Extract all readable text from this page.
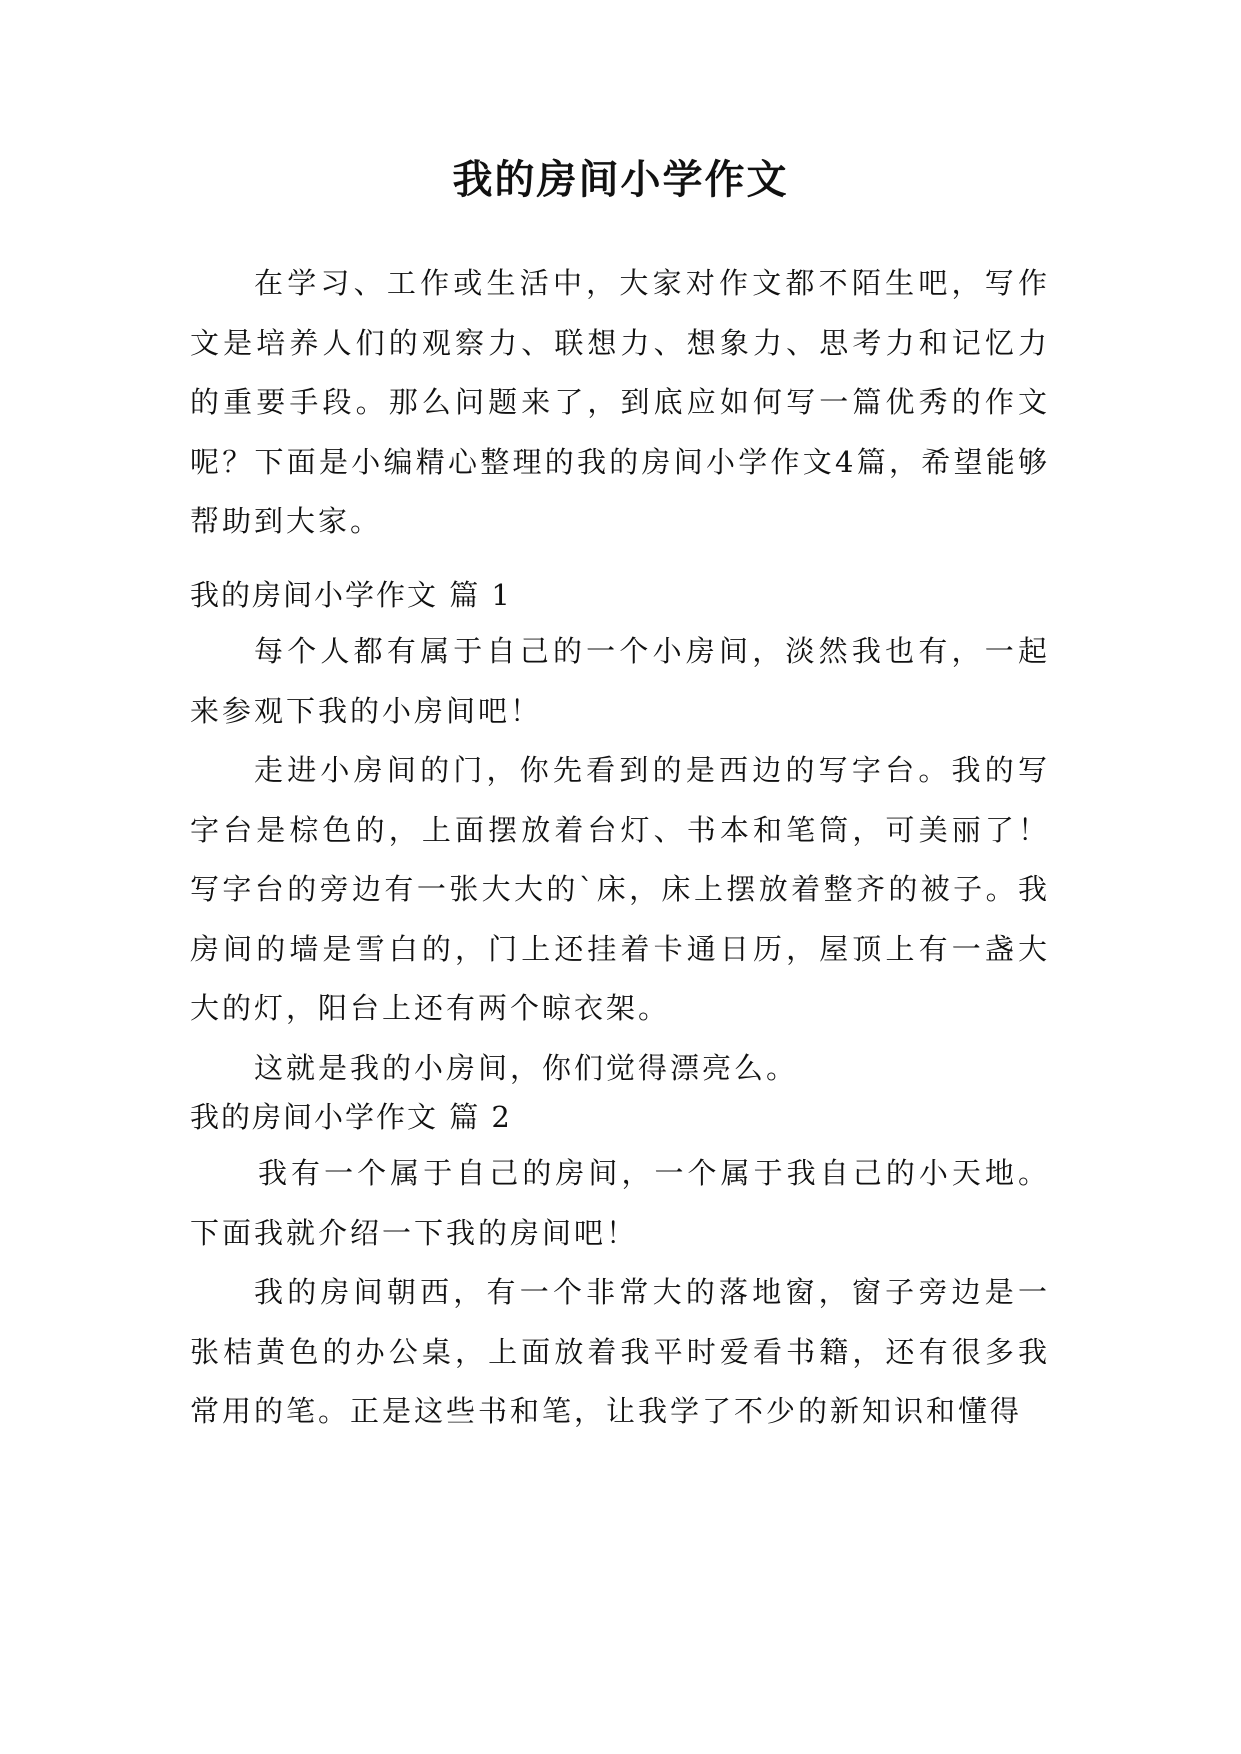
我的房间小学作文

在学习、工作或生活中，大家对作文都不陌生吧，写作文是培养人们的观察力、联想力、想象力、思考力和记忆力的重要手段。那么问题来了，到底应如何写一篇优秀的作文呢？下面是小编精心整理的我的房间小学作文4篇，希望能够帮助到大家。

我的房间小学作文 篇 1

每个人都有属于自己的一个小房间，淡然我也有，一起来参观下我的小房间吧！

走进小房间的门，你先看到的是西边的写字台。我的写字台是棕色的，上面摆放着台灯、书本和笔筒，可美丽了！写字台的旁边有一张大大的`床，床上摆放着整齐的被子。我房间的墙是雪白的，门上还挂着卡通日历，屋顶上有一盏大大的灯，阳台上还有两个晾衣架。

这就是我的小房间，你们觉得漂亮么。

我的房间小学作文 篇 2

我有一个属于自己的房间，一个属于我自己的小天地。下面我就介绍一下我的房间吧！

我的房间朝西，有一个非常大的落地窗，窗子旁边是一张桔黄色的办公桌，上面放着我平时爱看书籍，还有很多我常用的笔。正是这些书和笔，让我学了不少的新知识和懂得
